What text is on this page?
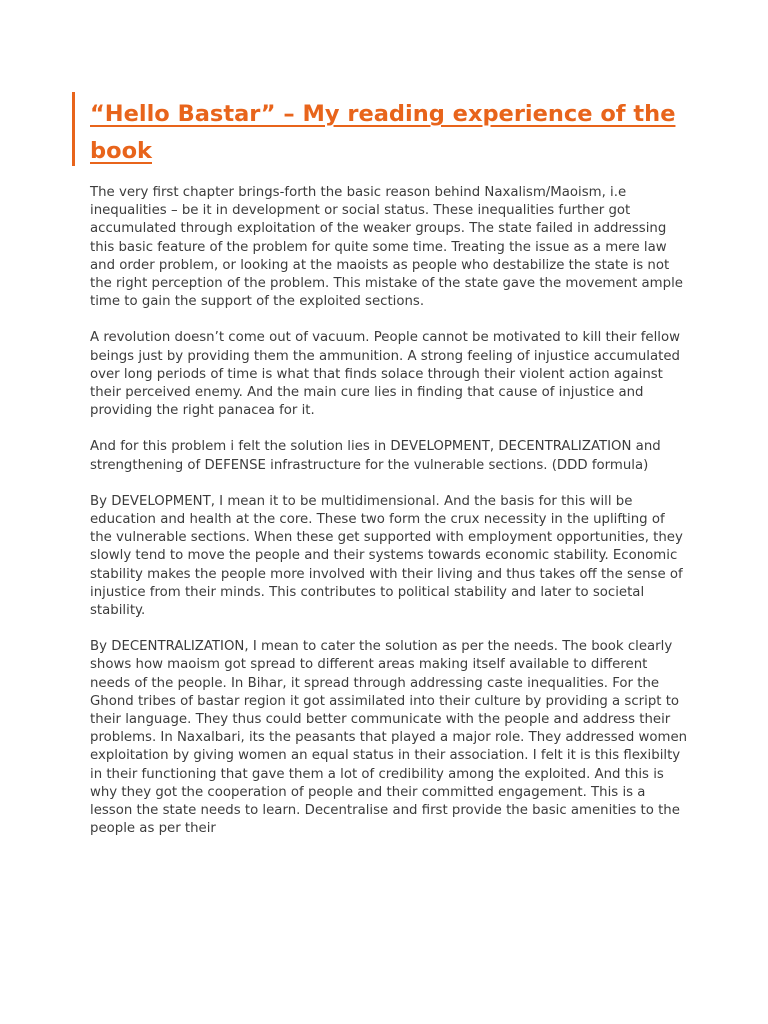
“Hello Bastar” – My reading experience of the book

The very first chapter brings-forth the basic reason behind Naxalism/Maoism, i.e inequalities – be it in development or social status. These inequalities further got accumulated through exploitation of the weaker groups. The state failed in addressing this basic feature of the problem for quite some time. Treating the issue as a mere law and order problem, or looking at the maoists as people who destabilize the state is not the right perception of the problem. This mistake of the state gave the movement ample time to gain the support of the exploited sections.

A revolution doesn’t come out of vacuum. People cannot be motivated to kill their fellow beings just by providing them the ammunition. A strong feeling of injustice accumulated over long periods of time is what that finds solace through their violent action against their perceived enemy. And the main cure lies in finding that cause of injustice and providing the right panacea for it.

And for this problem i felt the solution lies in DEVELOPMENT, DECENTRALIZATION and strengthening of DEFENSE infrastructure for the vulnerable sections. (DDD formula)

By DEVELOPMENT, I mean it to be multidimensional. And the basis for this will be education and health at the core. These two form the crux necessity in the uplifting of the vulnerable sections. When these get supported with employment opportunities, they slowly tend to move the people and their systems towards economic stability. Economic stability makes the people more involved with their living and thus takes off the sense of injustice from their minds. This contributes to political stability and later to societal stability.

By DECENTRALIZATION, I mean to cater the solution as per the needs. The book clearly shows how maoism got spread to different areas making itself available to different needs of the people. In Bihar, it spread through addressing caste inequalities. For the Ghond tribes of bastar region it got assimilated into their culture by providing a script to their language. They thus could better communicate with the people and address their problems. In Naxalbari, its the peasants that played a major role. They addressed women exploitation by giving women an equal status in their association. I felt it is this flexibilty in their functioning that gave them a lot of credibility among the exploited. And this is why they got the cooperation of people and their committed engagement. This is a lesson the state needs to learn. Decentralise and first provide the basic amenities to the people as per their
